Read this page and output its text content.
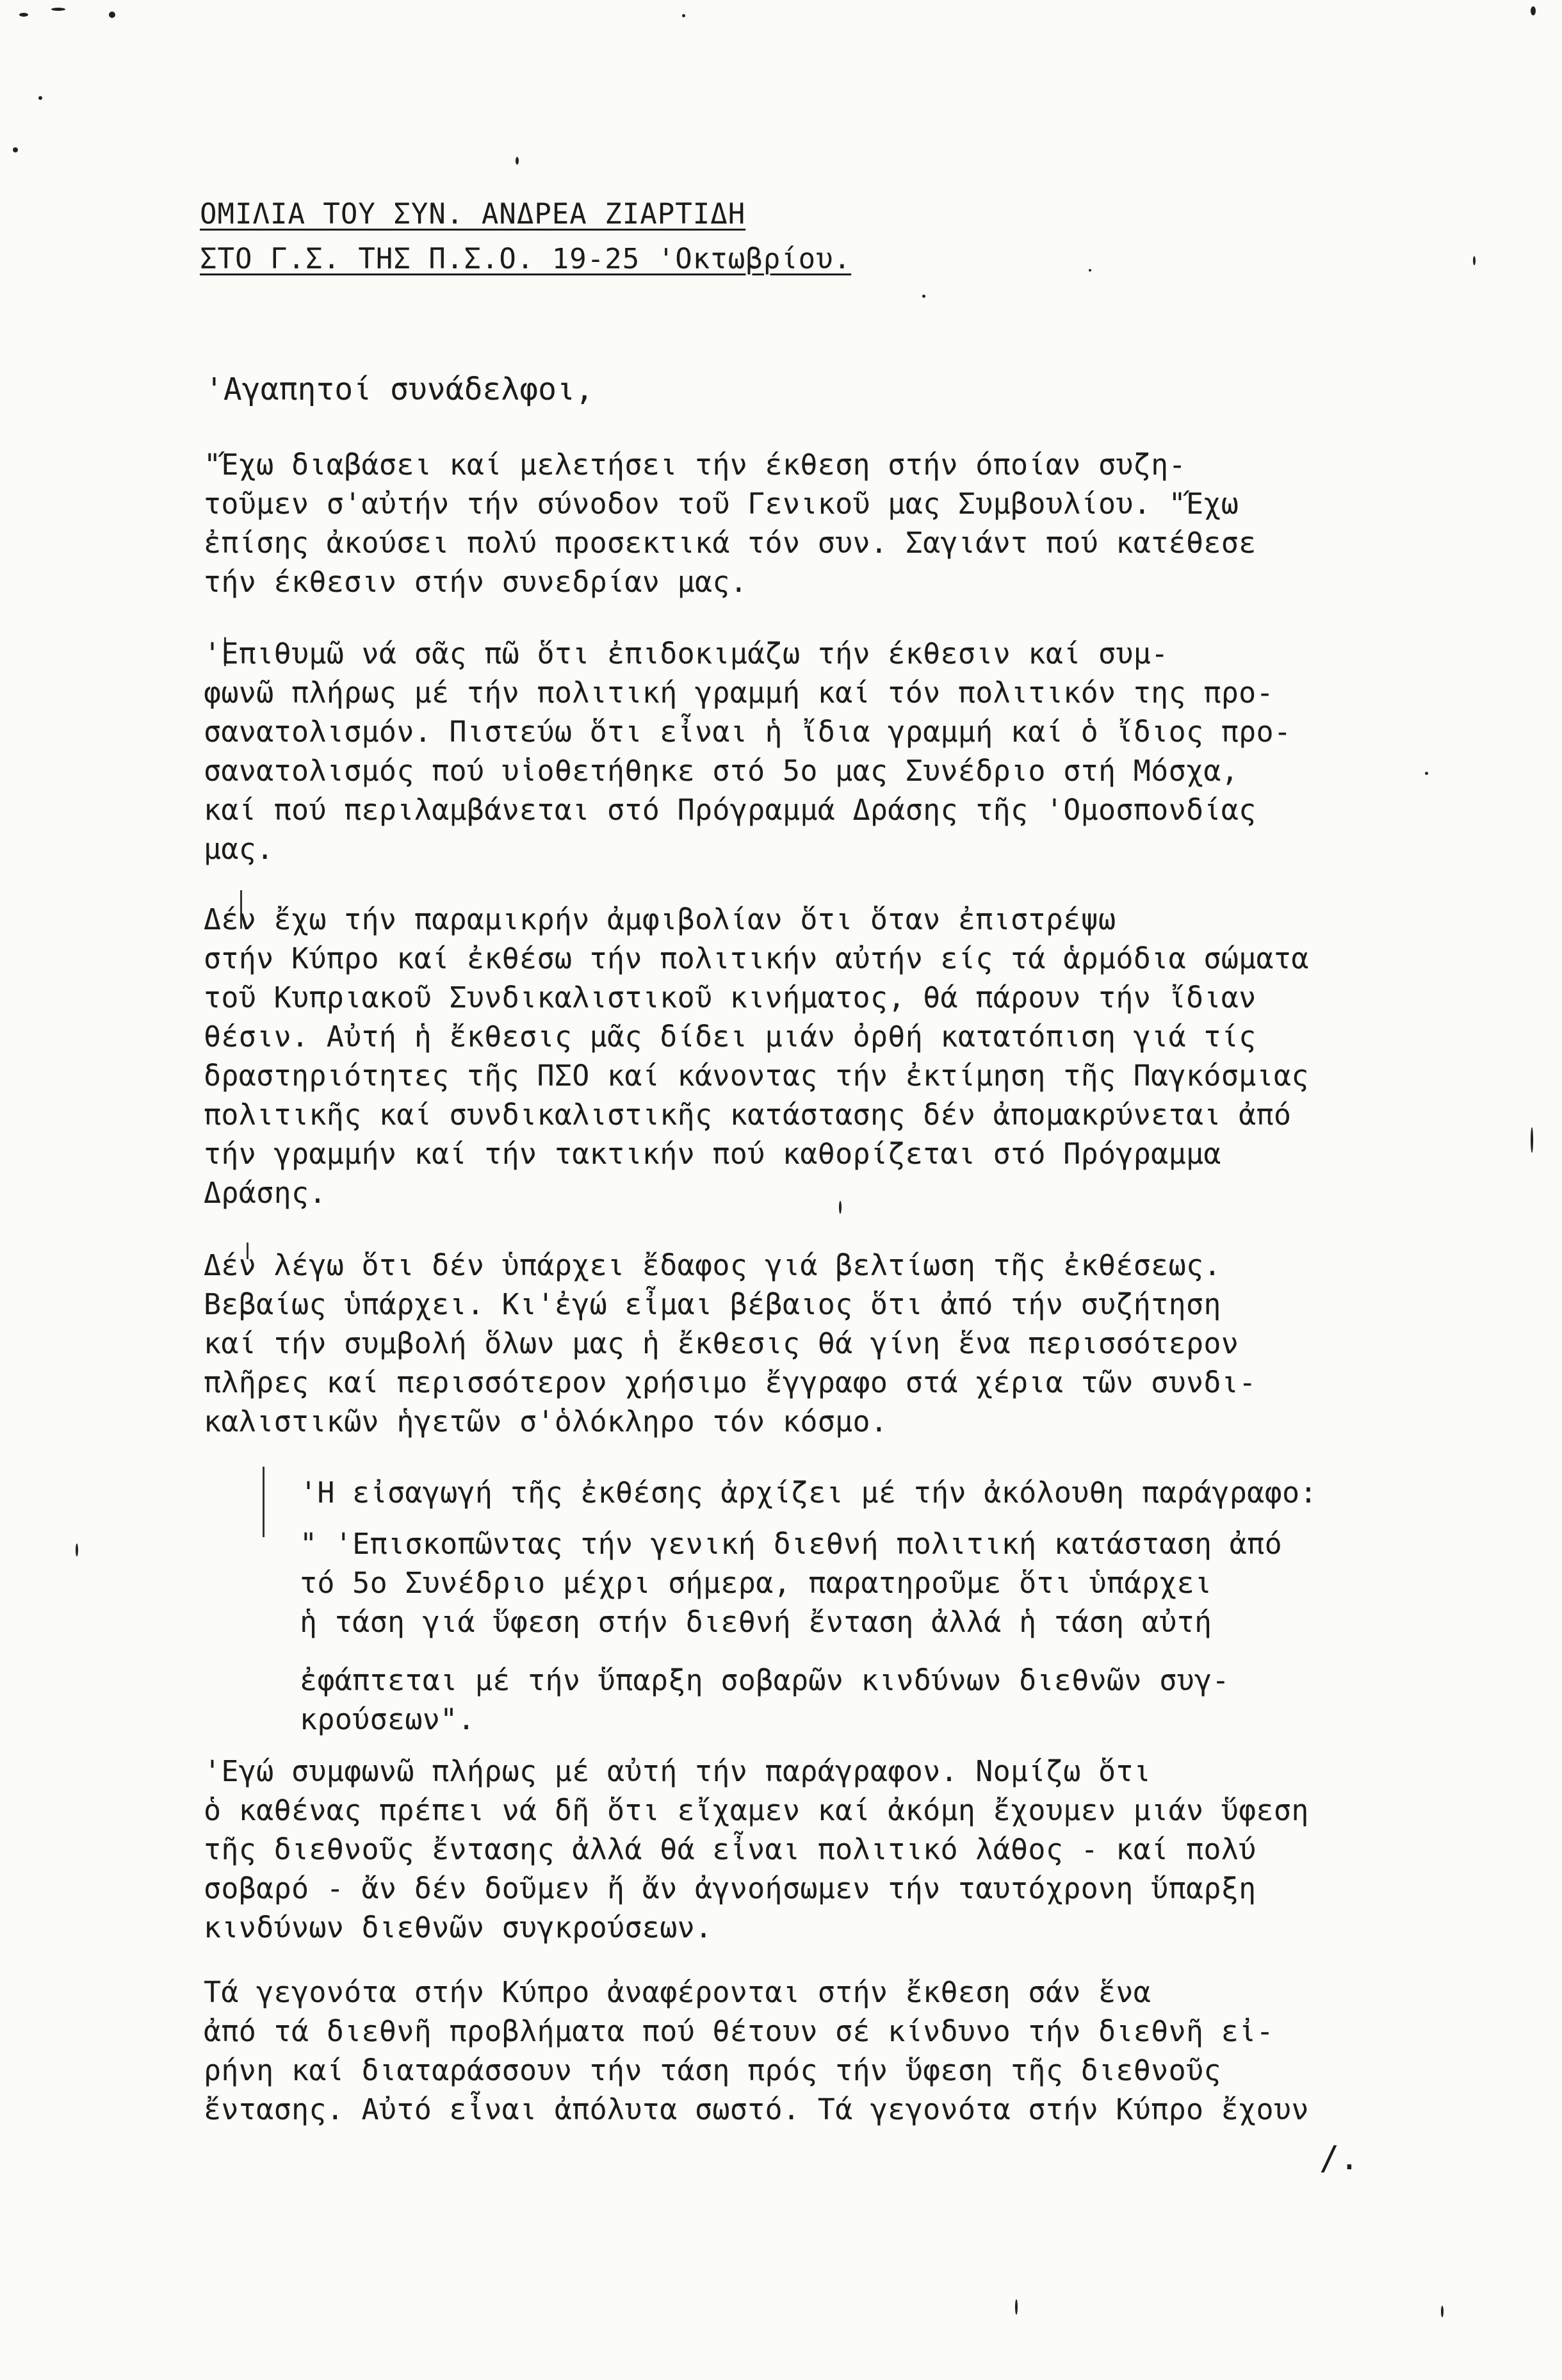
ΟΜΙΛΙΑ ΤΟΥ ΣΥΝ. ΑΝΔΡΕΑ ΖΙΑΡΤΙΔΗ
ΣΤΟ Γ.Σ. ΤΗΣ Π.Σ.Ο. 19-25 'Οκτωβρίου.
'Αγαπητοί συνάδελφοι,
"Έχω διαβάσει καί μελετήσει τήν έκθεση στήν όποίαν συζη-
τοῦμεν σ'αὐτήν τήν σύνοδον τοῦ Γενικοῦ μας Συμβουλίου. "Έχω
ἐπίσης ἀκούσει πολύ προσεκτικά τόν συν. Σαγιάντ πού κατέθεσε
τήν έκθεσιν στήν συνεδρίαν μας.
'Επιθυμῶ νά σᾶς πῶ ὅτι ἐπιδοκιμάζω τήν έκθεσιν καί συμ-
φωνῶ πλήρως μέ τήν πολιτική γραμμή καί τόν πολιτικόν της προ-
σανατολισμόν. Πιστεύω ὅτι εἶναι ἡ ἴδια γραμμή καί ὁ ἴδιος προ-
σανατολισμός πού υἱοθετήθηκε στό 5ο μας Συνέδριο στή Μόσχα,
καί πού περιλαμβάνεται στό Πρόγραμμά Δράσης τῆς 'Ομοσπονδίας
μας.
Δέν ἔχω τήν παραμικρήν ἀμφιβολίαν ὅτι ὅταν ἐπιστρέψω
στήν Κύπρο καί ἐκθέσω τήν πολιτικήν αὐτήν είς τά ἁρμόδια σώματα
τοῦ Κυπριακοῦ Συνδικαλιστικοῦ κινήματος, θά πάρουν τήν ἴδιαν
θέσιν. Αὐτή ἡ ἔκθεσις μᾶς δίδει μιάν ὀρθή κατατόπιση γιά τίς
δραστηριότητες τῆς ΠΣΟ καί κάνοντας τήν ἐκτίμηση τῆς Παγκόσμιας
πολιτικῆς καί συνδικαλιστικῆς κατάστασης δέν ἀπομακρύνεται ἀπό
τήν γραμμήν καί τήν τακτικήν πού καθορίζεται στό Πρόγραμμα
Δράσης.
Δέν λέγω ὅτι δέν ὑπάρχει ἔδαφος γιά βελτίωση τῆς ἐκθέσεως.
Βεβαίως ὑπάρχει. Κι'ἐγώ εἶμαι βέβαιος ὅτι ἀπό τήν συζήτηση
καί τήν συμβολή ὅλων μας ἡ ἔκθεσις θά γίνη ἕνα περισσότερον
πλῆρες καί περισσότερον χρήσιμο ἔγγραφο στά χέρια τῶν συνδι-
καλιστικῶν ἡγετῶν σ'ὁλόκληρο τόν κόσμο.
'Η εἰσαγωγή τῆς ἐκθέσης ἀρχίζει μέ τήν ἀκόλουθη παράγραφο:
" 'Επισκοπῶντας τήν γενική διεθνή πολιτική κατάσταση ἀπό
τό 5ο Συνέδριο μέχρι σήμερα, παρατηροῦμε ὅτι ὑπάρχει
ἡ τάση γιά ὕφεση στήν διεθνή ἔνταση ἀλλά ἡ τάση αὐτή
ἐφάπτεται μέ τήν ὕπαρξη σοβαρῶν κινδύνων διεθνῶν συγ-
κρούσεων".
'Εγώ συμφωνῶ πλήρως μέ αὐτή τήν παράγραφον. Νομίζω ὅτι
ὁ καθένας πρέπει νά δῆ ὅτι εἴχαμεν καί ἀκόμη ἔχουμεν μιάν ὕφεση
τῆς διεθνοῦς ἔντασης ἀλλά θά εἶναι πολιτικό λάθος - καί πολύ
σοβαρό - ἄν δέν δοῦμεν ἤ ἄν ἀγνοήσωμεν τήν ταυτόχρονη ὕπαρξη
κινδύνων διεθνῶν συγκρούσεων.
Τά γεγονότα στήν Κύπρο ἀναφέρονται στήν ἔκθεση σάν ἕνα
ἀπό τά διεθνῆ προβλήματα πού θέτουν σέ κίνδυνο τήν διεθνῆ εἰ-
ρήνη καί διαταράσσουν τήν τάση πρός τήν ὕφεση τῆς διεθνοῦς
ἔντασης. Αὐτό εἶναι ἀπόλυτα σωστό. Τά γεγονότα στήν Κύπρο ἔχουν
/.
